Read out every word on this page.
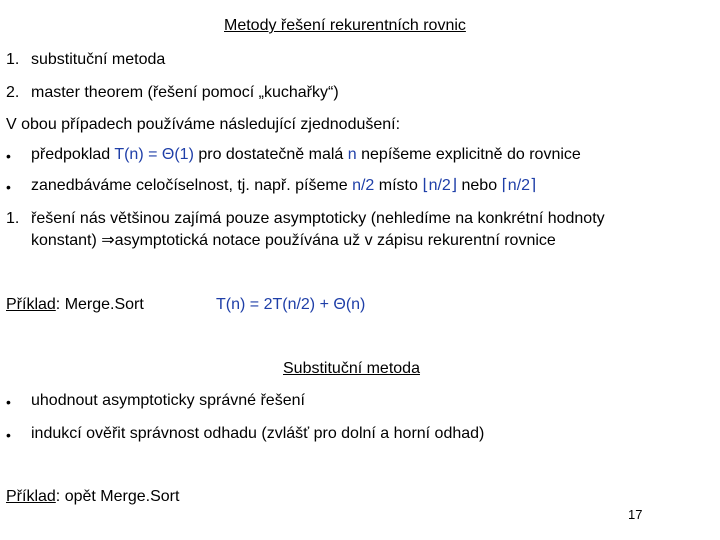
Metody řešení rekurentních rovnic
1. substituční metoda
2. master theorem (řešení pomocí „kuchařky“)
V obou případech používáme následující zjednodušení:
• předpoklad T(n) = Θ(1) pro dostatečně malá n nepíšeme explicitně do rovnice
• zanedbáváme celočíselnost, tj. např. píšeme n/2 místo ⌊n/2⌋ nebo ⌈n/2⌉
1. řešení nás většinou zajímá pouze asymptoticky (nehledíme na konkrétní hodnoty
konstant) ⇒asymptotická notace používána už v zápisu rekurentní rovnice
Příklad: Merge.Sort	T(n) = 2T(n/2) + Θ(n)
Substituční metoda
• uhodnout asymptoticky správné řešení
• indukcí ověřit správnost odhadu (zvlášť pro dolní a horní odhad)
Příklad: opět Merge.Sort
17
